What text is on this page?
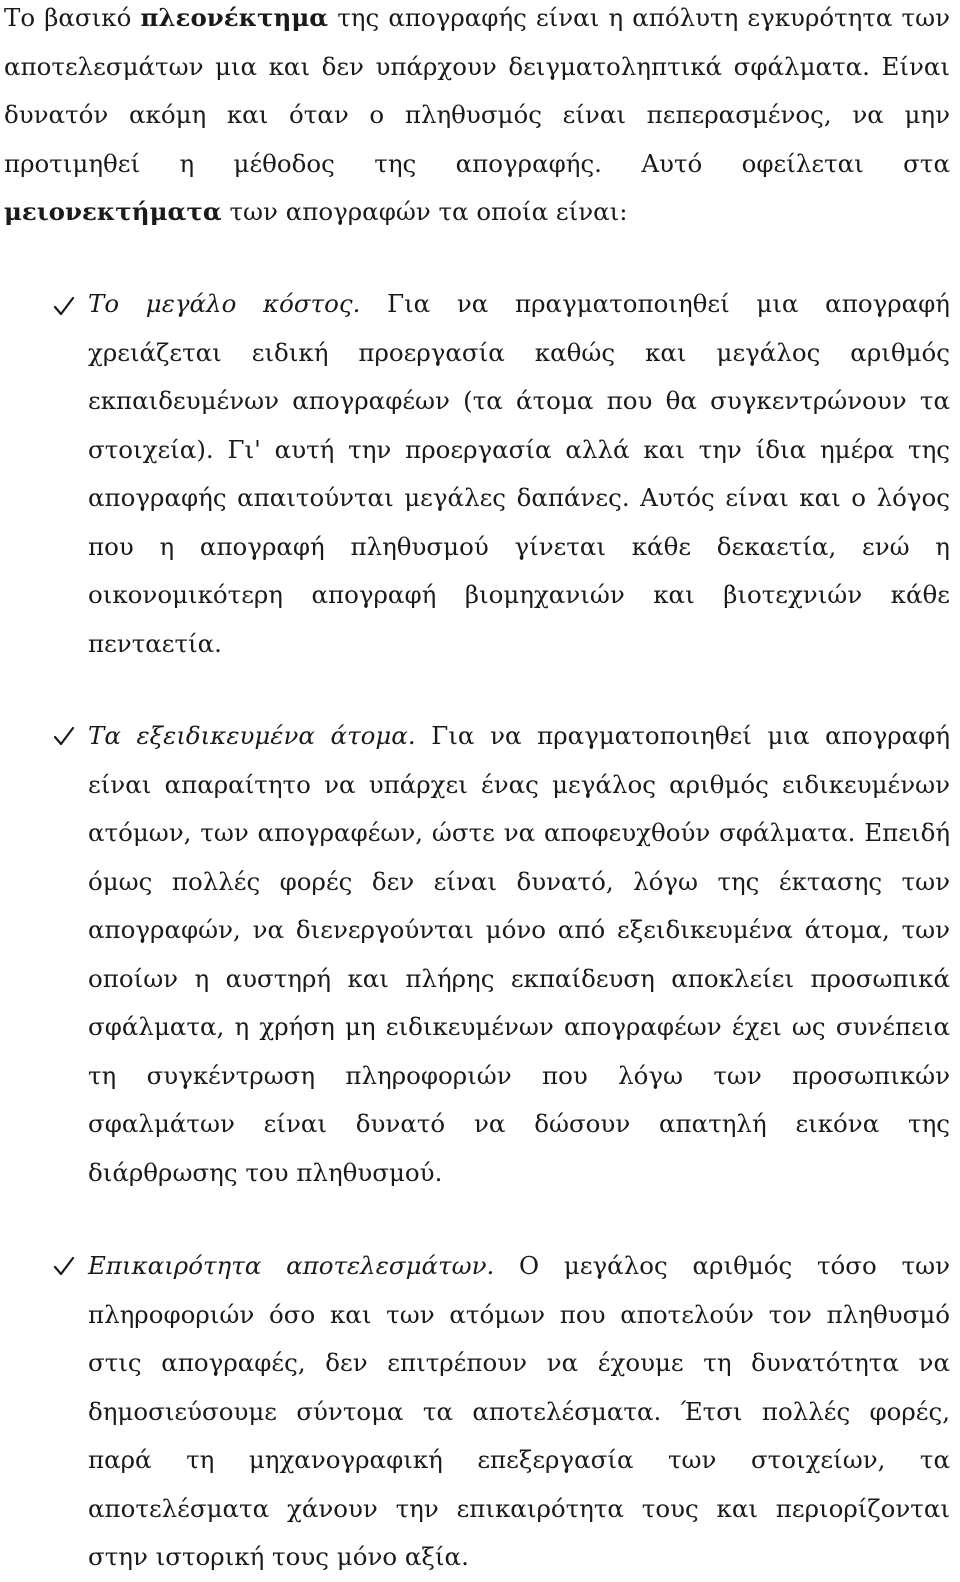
Το βασικό πλεονέκτημα της απογραφής είναι η απόλυτη εγκυρότητα των αποτελεσμάτων μια και δεν υπάρχουν δειγματοληπτικά σφάλματα. Είναι δυνατόν ακόμη και όταν ο πληθυσμός είναι πεπερασμένος, να μην προτιμηθεί η μέθοδος της απογραφής. Αυτό οφείλεται στα μειονεκτήματα των απογραφών τα οποία είναι:

Το μεγάλο κόστος. Για να πραγματοποιηθεί μια απογραφή χρειάζεται ειδική προεργασία καθώς και μεγάλος αριθμός εκπαιδευμένων απογραφέων (τα άτομα που θα συγκεντρώνουν τα στοιχεία). Γι' αυτή την προεργασία αλλά και την ίδια ημέρα της απογραφής απαιτούνται μεγάλες δαπάνες. Αυτός είναι και ο λόγος που η απογραφή πληθυσμού γίνεται κάθε δεκαετία, ενώ η οικονομικότερη απογραφή βιομηχανιών και βιοτεχνιών κάθε πενταετία.

Τα εξειδικευμένα άτομα. Για να πραγματοποιηθεί μια απογραφή είναι απαραίτητο να υπάρχει ένας μεγάλος αριθμός ειδικευμένων ατόμων, των απογραφέων, ώστε να αποφευχθούν σφάλματα. Επειδή όμως πολλές φορές δεν είναι δυνατό, λόγω της έκτασης των απογραφών, να διενεργούνται μόνο από εξειδικευμένα άτομα, των οποίων η αυστηρή και πλήρης εκπαίδευση αποκλείει προσωπικά σφάλματα, η χρήση μη ειδικευμένων απογραφέων έχει ως συνέπεια τη συγκέντρωση πληροφοριών που λόγω των προσωπικών σφαλμάτων είναι δυνατό να δώσουν απατηλή εικόνα της διάρθρωσης του πληθυσμού.

Επικαιρότητα αποτελεσμάτων. Ο μεγάλος αριθμός τόσο των πληροφοριών όσο και των ατόμων που αποτελούν τον πληθυσμό στις απογραφές, δεν επιτρέπουν να έχουμε τη δυνατότητα να δημοσιεύσουμε σύντομα τα αποτελέσματα. Έτσι πολλές φορές, παρά τη μηχανογραφική επεξεργασία των στοιχείων, τα αποτελέσματα χάνουν την επικαιρότητα τους και περιορίζονται στην ιστορική τους μόνο αξία.
